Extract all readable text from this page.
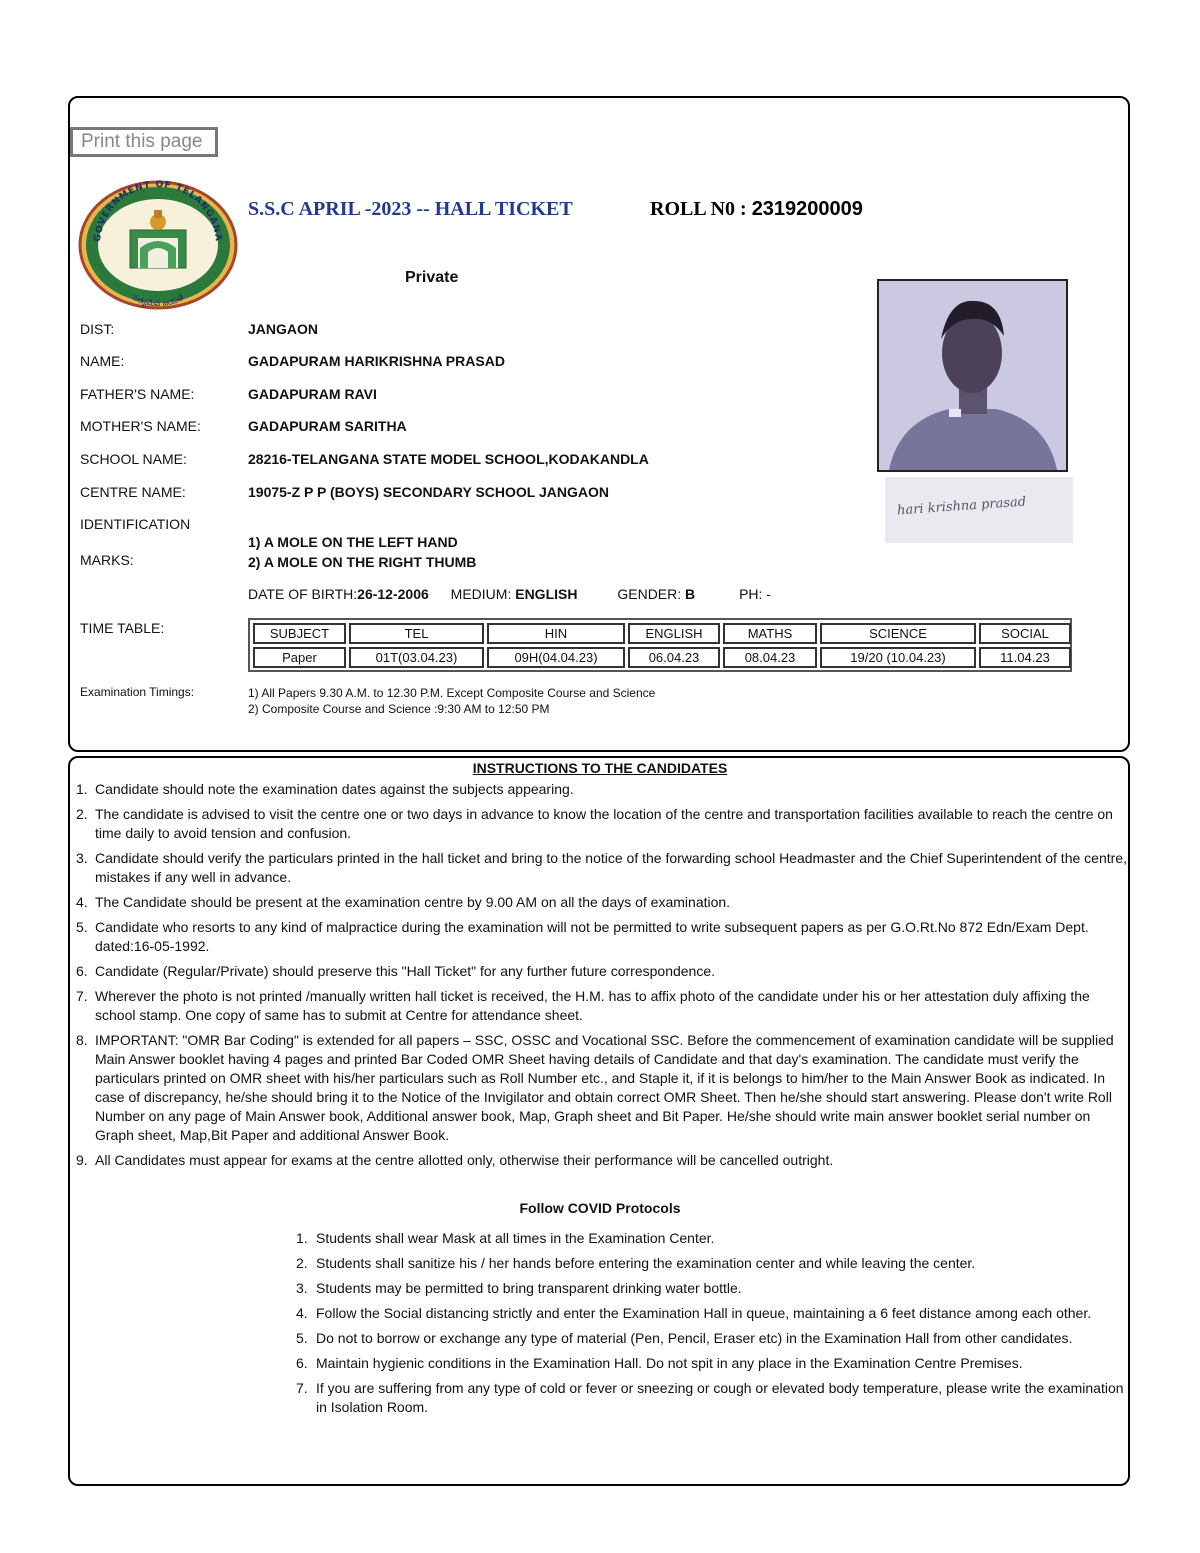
Print this page
GOVERNMENT OF TELANGANA
సత్యమేవ జయతే
S.S.C APRIL -2023 -- HALL TICKET	ROLL N0 : 2319200009
Private
DIST:	JANGAON
NAME:	GADAPURAM HARIKRISHNA PRASAD
FATHER'S NAME:	GADAPURAM RAVI
MOTHER'S NAME:	GADAPURAM SARITHA
SCHOOL NAME:	28216-TELANGANA STATE MODEL SCHOOL,KODAKANDLA
CENTRE NAME:	19075-Z P P (BOYS) SECONDARY SCHOOL JANGAON
IDENTIFICATION
MARKS:
1) A MOLE ON THE LEFT HAND
2) A MOLE ON THE RIGHT THUMB
hari krishna prasad
DATE OF BIRTH:26-12-2006 MEDIUM: ENGLISH	GENDER: B	PH: -
TIME TABLE:	SUBJECT	TEL	HIN	ENGLISH	MATHS	SCIENCE	SOCIAL
Paper	01T(03.04.23)	09H(04.04.23)	06.04.23	08.04.23	19/20 (10.04.23)	11.04.23
Examination Timings:	1) All Papers 9.30 A.M. to 12.30 P.M. Except Composite Course and Science
2) Composite Course and Science :9:30 AM to 12:50 PM
INSTRUCTIONS TO THE CANDIDATES
1. Candidate should note the examination dates against the subjects appearing.
2. The candidate is advised to visit the centre one or two days in advance to know the location of the centre and transportation facilities available to reach the centre on time daily to avoid tension and confusion.
3. Candidate should verify the particulars printed in the hall ticket and bring to the notice of the forwarding school Headmaster and the Chief Superintendent of the centre, mistakes if any well in advance.
4. The Candidate should be present at the examination centre by 9.00 AM on all the days of examination.
5. Candidate who resorts to any kind of malpractice during the examination will not be permitted to write subsequent papers as per G.O.Rt.No 872 Edn/Exam Dept. dated:16-05-1992.
6. Candidate (Regular/Private) should preserve this "Hall Ticket" for any further future correspondence.
7. Wherever the photo is not printed /manually written hall ticket is received, the H.M. has to affix photo of the candidate under his or her attestation duly affixing the school stamp. One copy of same has to submit at Centre for attendance sheet.
8. IMPORTANT: "OMR Bar Coding" is extended for all papers – SSC, OSSC and Vocational SSC. Before the commencement of examination candidate will be supplied Main Answer booklet having 4 pages and printed Bar Coded OMR Sheet having details of Candidate and that day's examination. The candidate must verify the particulars printed on OMR sheet with his/her particulars such as Roll Number etc., and Staple it, if it is belongs to him/her to the Main Answer Book as indicated. In case of discrepancy, he/she should bring it to the Notice of the Invigilator and obtain correct OMR Sheet. Then he/she should start answering. Please don't write Roll Number on any page of Main Answer book, Additional answer book, Map, Graph sheet and Bit Paper. He/she should write main answer booklet serial number on Graph sheet, Map,Bit Paper and additional Answer Book.
9. All Candidates must appear for exams at the centre allotted only, otherwise their performance will be cancelled outright.
Follow COVID Protocols
1. Students shall wear Mask at all times in the Examination Center.
2. Students shall sanitize his / her hands before entering the examination center and while leaving the center.
3. Students may be permitted to bring transparent drinking water bottle.
4. Follow the Social distancing strictly and enter the Examination Hall in queue, maintaining a 6 feet distance among each other.
5. Do not to borrow or exchange any type of material (Pen, Pencil, Eraser etc) in the Examination Hall from other candidates.
6. Maintain hygienic conditions in the Examination Hall. Do not spit in any place in the Examination Centre Premises.
7. If you are suffering from any type of cold or fever or sneezing or cough or elevated body temperature, please write the examination in Isolation Room.
